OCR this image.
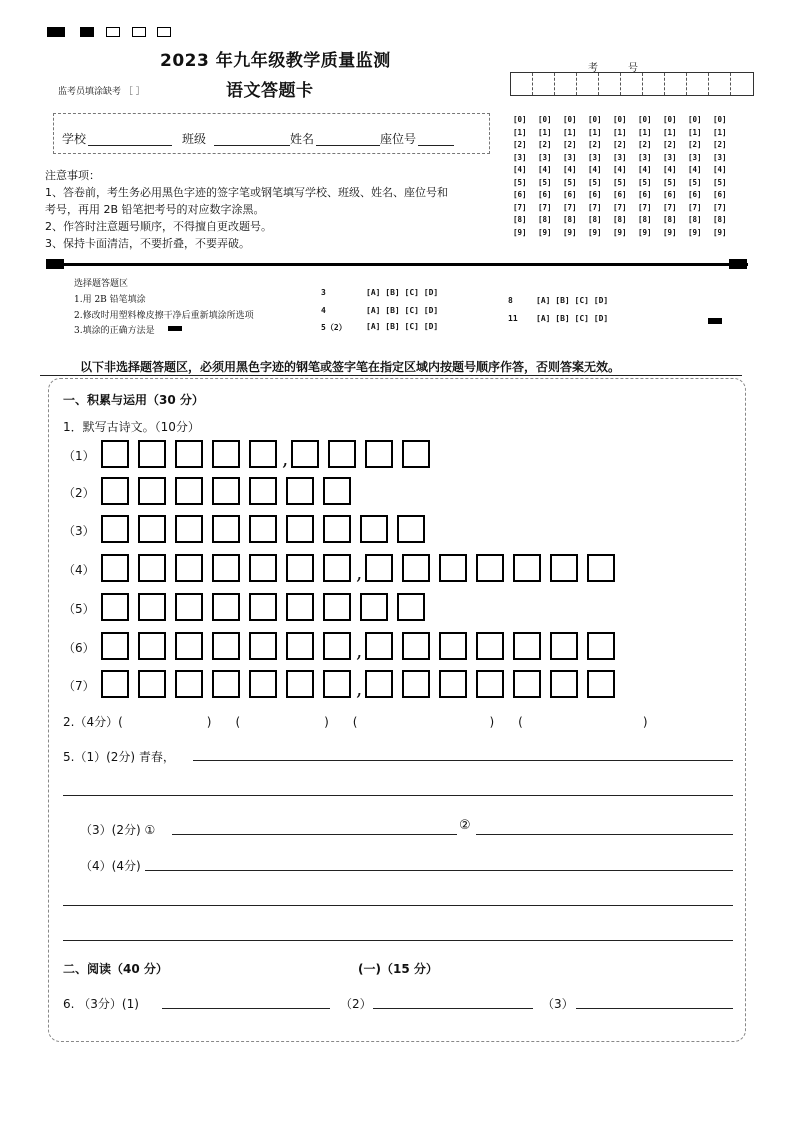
2023 年九年级教学质量监测
语文答题卡
监考员填涂缺考 ［ ］
考　　　号
[0]	[0]	[0]	[0]	[0]	[0]	[0]	[0]	[0]
[1]	[1]	[1]	[1]	[1]	[1]	[1]	[1]	[1]
[2]	[2]	[2]	[2]	[2]	[2]	[2]	[2]	[2]
[3]	[3]	[3]	[3]	[3]	[3]	[3]	[3]	[3]
[4]	[4]	[4]	[4]	[4]	[4]	[4]	[4]	[4]
[5]	[5]	[5]	[5]	[5]	[5]	[5]	[5]	[5]
[6]	[6]	[6]	[6]	[6]	[6]	[6]	[6]	[6]
[7]	[7]	[7]	[7]	[7]	[7]	[7]	[7]	[7]
[8]	[8]	[8]	[8]	[8]	[8]	[8]	[8]	[8]
[9]	[9]	[9]	[9]	[9]	[9]	[9]	[9]	[9]
学校	班级	姓名	座位号
注意事项：
1、答卷前，考生务必用黑色字迹的签字笔或钢笔填写学校、班级、姓名、座位号和
考号，再用 2B 铅笔把考号的对应数字涂黑。
2、作答时注意题号顺序，不得擅自更改题号。
3、保持卡面清洁，不要折叠，不要弄破。
选择题答题区
1.用 2B 铅笔填涂
2.修改时用塑料橡皮擦干净后重新填涂所选项
3.填涂的正确方法是
3	[A] [B] [C] [D]
4	[A] [B] [C] [D]
5（2） [A] [B] [C] [D]
8	[A] [B] [C] [D]
11 [A] [B] [C] [D]
以下非选择题答题区，必须用黑色字迹的钢笔或签字笔在指定区域内按题号顺序作答，否则答案无效。
一、积累与运用（30 分）
1．默写古诗文。（10分）
（1）	,
（2）
（3）
（4）	,
（5）
（6）	,
（7）	,
2.（4分）(　　　　　　　)　　(　　　　　　　)　　(　　　　　　　　　　　)　　(　　　　　　　　　　)
5.（1）(2分) 青春，
（3）(2分) ①	②
（4）(4分)
二、阅读（40 分）	(一)（15 分）
6. （3分）(1)	（2）	（3）
